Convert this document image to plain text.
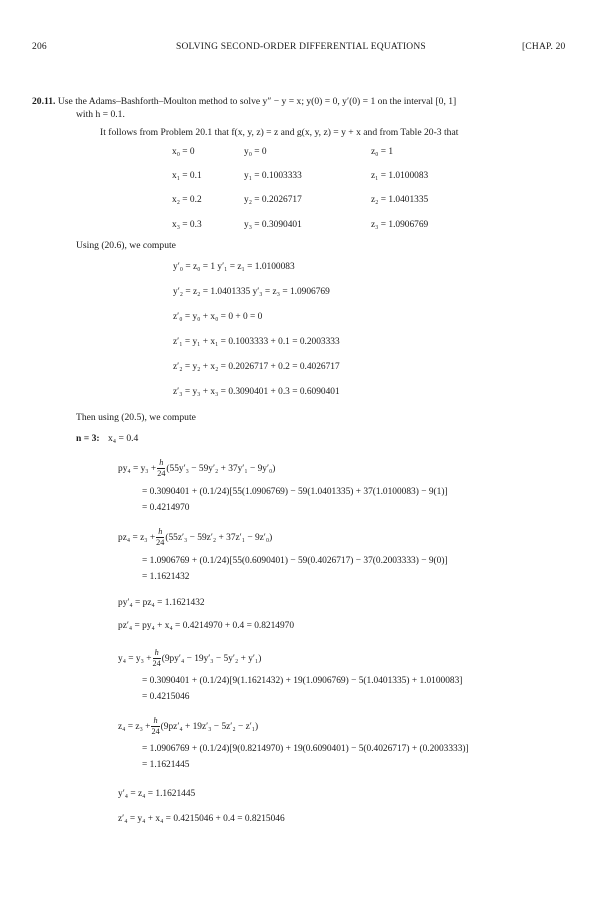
206	SOLVING SECOND-ORDER DIFFERENTIAL EQUATIONS	[CHAP. 20
20.11. Use the Adams–Bashforth–Moulton method to solve y″ − y = x; y(0) = 0, y′(0) = 1 on the interval [0, 1]
with h = 0.1.
It follows from Problem 20.1 that f(x, y, z) = z and g(x, y, z) = y + x and from Table 20-3 that
x₀ = 0	y₀ = 0	z₀ = 1
x₁ = 0.1	y₁ = 0.1003333	z₁ = 1.0100083
x₂ = 0.2	y₂ = 0.2026717	z₂ = 1.0401335
x₃ = 0.3	y₃ = 0.3090401	z₃ = 1.0906769
Using (20.6), we compute
y′₀ = z₀ = 1 y′₁ = z₁ = 1.0100083
y′₂ = z₂ = 1.0401335 y′₃ = z₃ = 1.0906769
z′₀ = y₀ + x₀ = 0 + 0 = 0
z′₁ = y₁ + x₁ = 0.1003333 + 0.1 = 0.2003333
z′₂ = y₂ + x₂ = 0.2026717 + 0.2 = 0.4026717
z′₃ = y₃ + x₃ = 0.3090401 + 0.3 = 0.6090401
Then using (20.5), we compute
n = 3: x₄ = 0.4
$py_4 = y_3 + \frac{h}{24} (55y'_3 - 59y'_2 + 37y'_1 - 9y'_0)$
= 0.3090401 + (0.1/24)[55(1.0906769) − 59(1.0401335) + 37(1.0100083) − 9(1)]
= 0.4214970
$pz_4 = z_3 + \frac{h}{24} (55z'_3 - 59z'_2 + 37z'_1 - 9z'_0)$
= 1.0906769 + (0.1/24)[55(0.6090401) − 59(0.4026717) − 37(0.2003333) − 9(0)]
= 1.1621432
py′₄ = pz₄ = 1.1621432
pz′₄ = py₄ + x₄ = 0.4214970 + 0.4 = 0.8214970
$y_4 = y_3 + \frac{h}{24} (9py'_4 - 19y'_3 - 5y'_2 + y'_1)$
= 0.3090401 + (0.1/24)[9(1.1621432) + 19(1.0906769) − 5(1.0401335) + 1.0100083]
= 0.4215046
$z_4 = z_3 + \frac{h}{24} (9pz'_4 + 19z'_3 - 5z'_2 - z'_1)$
= 1.0906769 + (0.1/24)[9(0.8214970) + 19(0.6090401) − 5(0.4026717) + (0.2003333)]
= 1.1621445
y′₄ = z₄ = 1.1621445
z′₄ = y₄ + x₄ = 0.4215046 + 0.4 = 0.8215046
